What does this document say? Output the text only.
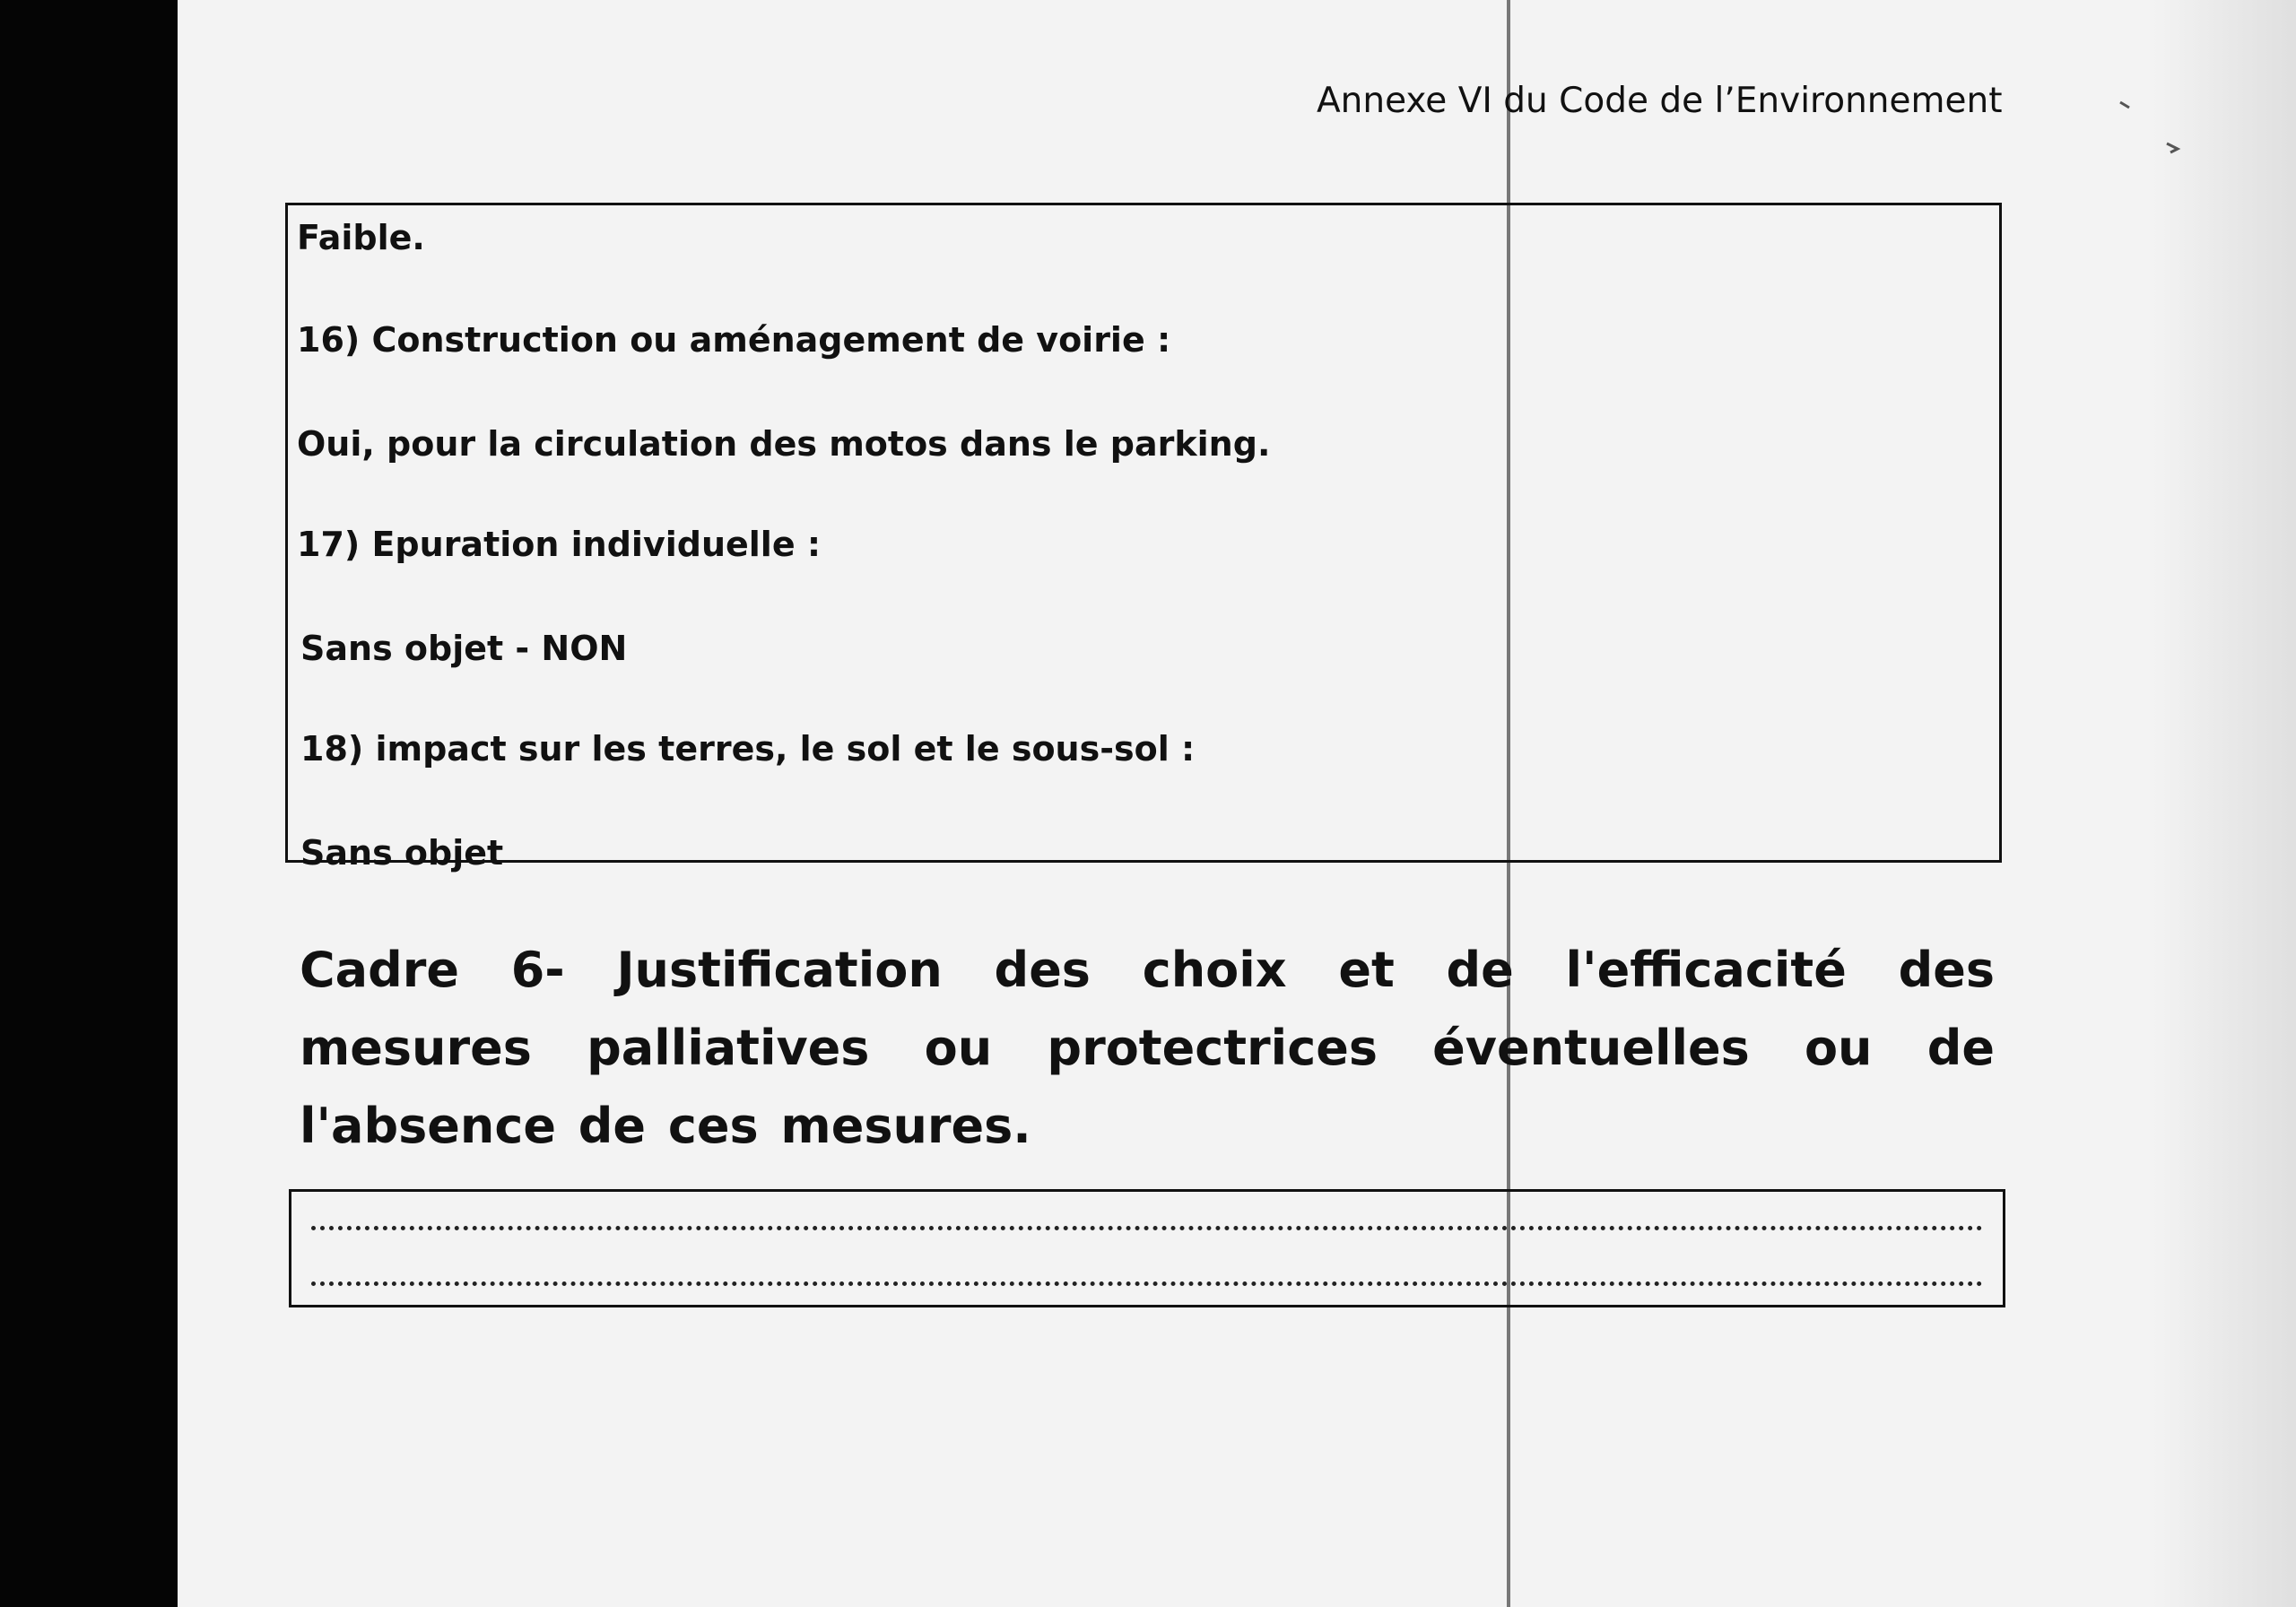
Annexe VI du Code de l’Environnement
Faible.
16) Construction ou aménagement de voirie :
Oui, pour la circulation des motos dans le parking.
17) Epuration individuelle :
Sans objet - NON
18) impact sur les terres, le sol et le sous-sol :
Sans objet
Cadre 6- Justification des choix et de l'efficacité des mesures palliatives ou protectrices éventuelles ou de l'absence de ces mesures.
